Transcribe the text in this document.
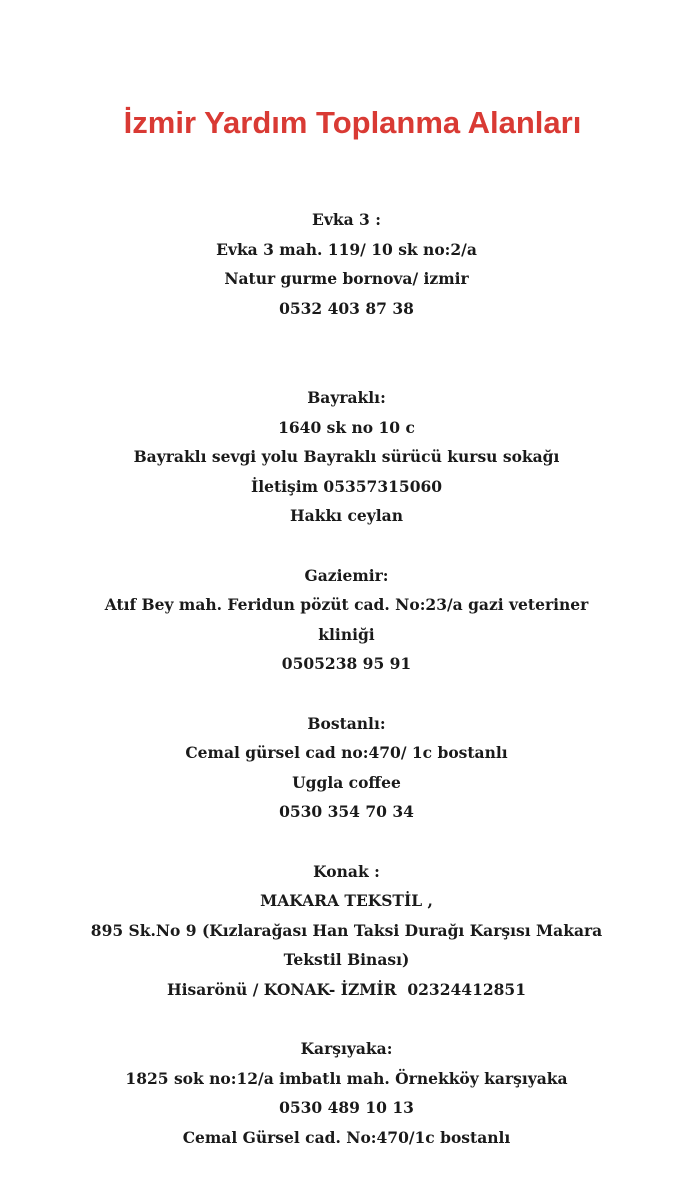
İzmir Yardım Toplanma Alanları
Evka 3 :
Evka 3 mah. 119/ 10 sk no:2/a
Natur gurme bornova/ izmir
0532 403 87 38
Bayraklı:
1640 sk no 10 c
Bayraklı sevgi yolu Bayraklı sürücü kursu sokağı
İletişim 05357315060
Hakkı ceylan
Gaziemir:
Atıf Bey mah. Feridun pözüt cad. No:23/a gazi veteriner
kliniği
0505238 95 91
Bostanlı:
Cemal gürsel cad no:470/ 1c bostanlı
Uggla coffee
0530 354 70 34
Konak :
MAKARA TEKSTİL ,
895 Sk.No 9 (Kızlarağası Han Taksi Durağı Karşısı Makara
Tekstil Binası)
Hisarönü / KONAK- İZMİR  02324412851
Karşıyaka:
1825 sok no:12/a imbatlı mah. Örnekköy karşıyaka
0530 489 10 13
Cemal Gürsel cad. No:470/1c bostanlı
